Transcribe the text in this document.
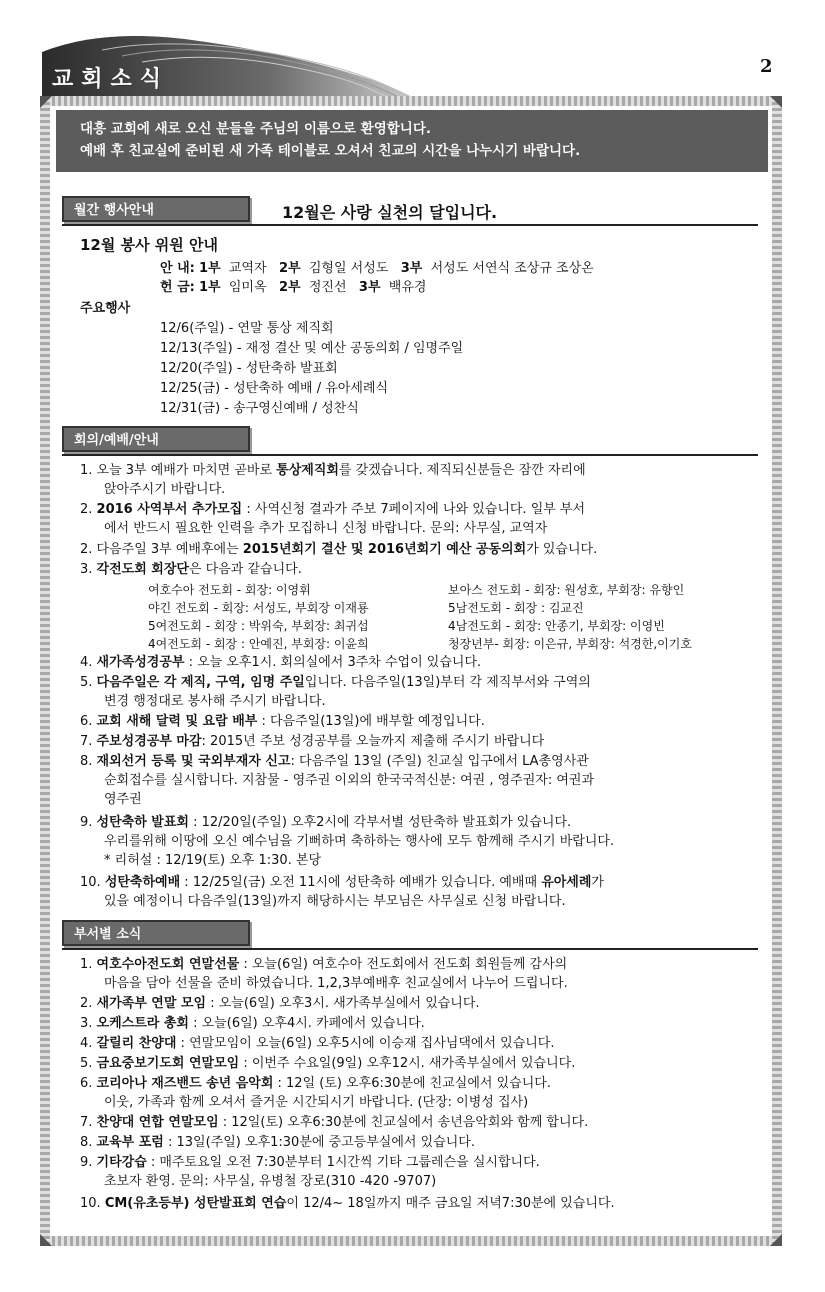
교회소식
2
대흥 교회에 새로 오신 분들을 주님의 이름으로 환영합니다.
예배 후 친교실에 준비된 새 가족 테이블로 오셔서 친교의 시간을 나누시기 바랍니다.
월간 행사안내	12월은 사랑 실천의 달입니다.
12월 봉사 위원 안내
안 내: 1부 교역자 2부 김형일 서성도 3부 서성도 서연식 조상규 조상온
헌 금: 1부 임미옥 2부 정진선 3부 백유경
주요행사
12/6(주일) - 연말 통상 제직회
12/13(주일) - 재정 결산 및 예산 공동의회 / 임명주일
12/20(주일) - 성탄축하 발표회
12/25(금) - 성탄축하 예배 / 유아세례식
12/31(금) - 송구영신예배 / 성찬식
회의/예배/안내
1. 오늘 3부 예배가 마치면 곧바로 통상제직회를 갖겠습니다. 제직되신분들은 잠깐 자리에
앉아주시기 바랍니다.
2. 2016 사역부서 추가모집 : 사역신청 결과가 주보 7페이지에 나와 있습니다. 일부 부서
에서 반드시 필요한 인력을 추가 모집하니 신청 바랍니다. 문의: 사무실, 교역자
2. 다음주일 3부 예배후에는 2015년회기 결산 및 2016년회기 예산 공동의회가 있습니다.
3. 각전도회 회장단은 다음과 같습니다.
여호수아 전도회 - 회장: 이영휘
야긴 전도회 - 회장: 서성도, 부회장 이재룡
5여전도회 - 회장 : 박위숙, 부회장: 최귀섭
4여전도회 - 회장 : 안예진, 부회장: 이윤희
보아스 전도회 - 회장: 원성호, 부회장: 유향인
5남전도회 - 회장 : 김교진
4남전도회 - 회장: 안종기, 부회장: 이영빈
청장년부- 회장: 이은규, 부회장: 석경한,이기호
4. 새가족성경공부 : 오늘 오후1시. 회의실에서 3주차 수업이 있습니다.
5. 다음주일은 각 제직, 구역, 임명 주일입니다. 다음주일(13일)부터 각 제직부서와 구역의
변경 행정대로 봉사해 주시기 바랍니다.
6. 교회 새해 달력 및 요람 배부 : 다음주일(13일)에 배부할 예정입니다.
7. 주보성경공부 마감: 2015년 주보 성경공부를 오늘까지 제출해 주시기 바랍니다
8. 재외선거 등록 및 국외부재자 신고: 다음주일 13일 (주일) 친교실 입구에서 LA총영사관
순회접수를 실시합니다. 지참물 - 영주권 이외의 한국국적신분: 여권 , 영주권자: 여권과
영주권
9. 성탄축하 발표회 : 12/20일(주일) 오후2시에 각부서별 성탄축하 발표회가 있습니다.
우리를위해 이땅에 오신 예수님을 기뻐하며 축하하는 행사에 모두 함께해 주시기 바랍니다.
* 리허설 : 12/19(토) 오후 1:30. 본당
10. 성탄축하예배 : 12/25일(금) 오전 11시에 성탄축하 예배가 있습니다. 예배때 유아세례가
있을 예정이니 다음주일(13일)까지 해당하시는 부모님은 사무실로 신청 바랍니다.
부서별 소식
1. 여호수아전도회 연말선물 : 오늘(6일) 여호수아 전도회에서 전도회 회원들께 감사의
마음을 담아 선물을 준비 하였습니다. 1,2,3부예배후 친교실에서 나누어 드립니다.
2. 새가족부 연말 모임 : 오늘(6일) 오후3시. 새가족부실에서 있습니다.
3. 오케스트라 총회 : 오늘(6일) 오후4시. 카페에서 있습니다.
4. 갈릴리 찬양대 : 연말모임이 오늘(6일) 오후5시에 이승재 집사님댁에서 있습니다.
5. 금요중보기도회 연말모임 : 이번주 수요일(9일) 오후12시. 새가족부실에서 있습니다.
6. 코리아나 재즈밴드 송년 음악회 : 12일 (토) 오후6:30분에 친교실에서 있습니다.
이웃, 가족과 함께 오셔서 즐거운 시간되시기 바랍니다. (단장: 이병성 집사)
7. 찬양대 연합 연말모임 : 12일(토) 오후6:30분에 친교실에서 송년음악회와 함께 합니다.
8. 교육부 포럼 : 13일(주일) 오후1:30분에 중고등부실에서 있습니다.
9. 기타강습 : 매주토요일 오전 7:30분부터 1시간씩 기타 그룹레슨을 실시합니다.
초보자 환영. 문의: 사무실, 유병철 장로(310 -420 -9707)
10. CM(유초등부) 성탄발표회 연습이 12/4~ 18일까지 매주 금요일 저녁7:30분에 있습니다.
